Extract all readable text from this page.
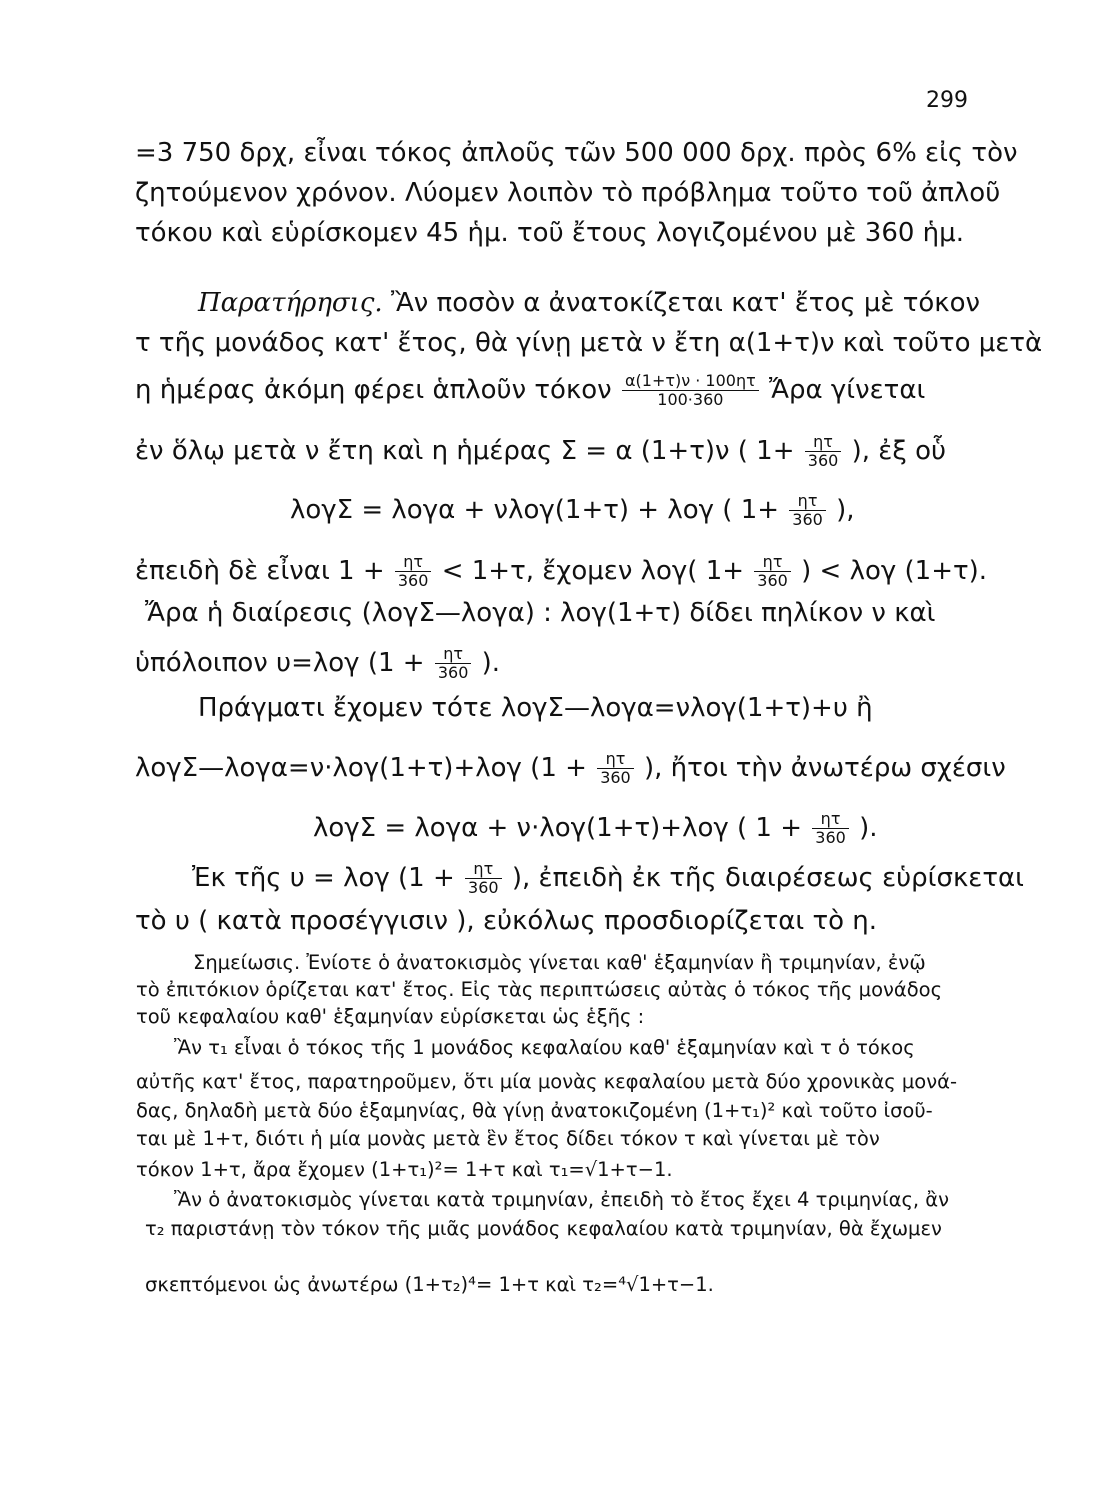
299
=3 750 δρχ, εἶναι τόκος ἀπλοῦς τῶν 500 000 δρχ. πρὸς 6% εἰς τὸν
ζητούμενον χρόνον. Λύομεν λοιπὸν τὸ πρόβλημα τοῦτο τοῦ ἀπλοῦ
τόκου καὶ εὑρίσκομεν 45 ἡμ. τοῦ ἔτους λογιζομένου μὲ 360 ἡμ.
Παρατήρησις. Ἂν ποσὸν α ἀνατοκίζεται κατ' ἔτος μὲ τόκον
τ τῆς μονάδος κατ' ἔτος, θὰ γίνῃ μετὰ ν ἔτη α(1+τ)ν καὶ τοῦτο μετὰ
η ἡμέρας ἀκόμη φέρει ἁπλοῦν τόκον $\frac{\alpha(1+\tau)\nu \cdot 100\eta\tau}{100\cdot 360}$ Ἄρα γίνεται
ἐν ὅλῳ μετὰ ν ἔτη καὶ η ἡμέρας Σ = α (1+τ)ν ( $1+ \frac{\eta\tau}{360}$ ), ἐξ οὗ
λογΣ = λογα + νλογ(1+τ) + λογ ( $1+ \frac{\eta\tau}{360}$ ),
ἐπειδὴ δὲ εἶναι $1 + \frac{\eta\tau}{360} < 1+\tau$, ἔχομεν λογ( $1+ \frac{\eta\tau}{360}$ ) < λογ (1+τ).
Ἄρα ἡ διαίρεσις (λογΣ—λογα) : λογ(1+τ) δίδει πηλίκον ν καὶ
ὑπόλοιπον υ=λογ ($1 + \frac{\eta\tau}{360}$ ).
Πράγματι ἔχομεν τότε λογΣ—λογα=νλογ(1+τ)+υ ἢ
λογΣ—λογα=ν·λογ(1+τ)+λογ ($1 + \frac{\eta\tau}{360}$ ), ἤτοι τὴν ἀνωτέρω σχέσιν
λογΣ = λογα + ν·λογ(1+τ)+λογ ( $1 + \frac{\eta\tau}{360}$ ).
Ἐκ τῆς υ = λογ ($1 + \frac{\eta\tau}{360}$ ), ἐπειδὴ ἐκ τῆς διαιρέσεως εὑρίσκεται
τὸ υ ( κατὰ προσέγγισιν ), εὐκόλως προσδιορίζεται τὸ η.
Σημείωσις. Ἐνίοτε ὁ ἀνατοκισμὸς γίνεται καθ' ἑξαμηνίαν ἢ τριμηνίαν, ἐνῷ
τὸ ἐπιτόκιον ὁρίζεται κατ' ἔτος. Εἰς τὰς περιπτώσεις αὐτὰς ὁ τόκος τῆς μονάδος
τοῦ κεφαλαίου καθ' ἑξαμηνίαν εὑρίσκεται ὡς ἑξῆς :
Ἂν τ₁ εἶναι ὁ τόκος τῆς 1 μονάδος κεφαλαίου καθ' ἑξαμηνίαν καὶ τ ὁ τόκος
αὐτῆς κατ' ἔτος, παρατηροῦμεν, ὅτι μία μονὰς κεφαλαίου μετὰ δύο χρονικὰς μονά-
δας, δηλαδὴ μετὰ δύο ἑξαμηνίας, θὰ γίνῃ ἀνατοκιζομένη (1+τ₁)² καὶ τοῦτο ἰσοῦ-
ται μὲ 1+τ, διότι ἡ μία μονὰς μετὰ ἓν ἔτος δίδει τόκον τ καὶ γίνεται μὲ τὸν
τόκον 1+τ, ἄρα ἔχομεν (1+τ₁)²= 1+τ καὶ τ₁=√1+τ−1.
Ἂν ὁ ἀνατοκισμὸς γίνεται κατὰ τριμηνίαν, ἐπειδὴ τὸ ἔτος ἔχει 4 τριμηνίας, ἂν
τ₂ παριστάνῃ τὸν τόκον τῆς μιᾶς μονάδος κεφαλαίου κατὰ τριμηνίαν, θὰ ἔχωμεν
σκεπτόμενοι ὡς ἀνωτέρω (1+τ₂)⁴= 1+τ καὶ τ₂=⁴√1+τ−1.
